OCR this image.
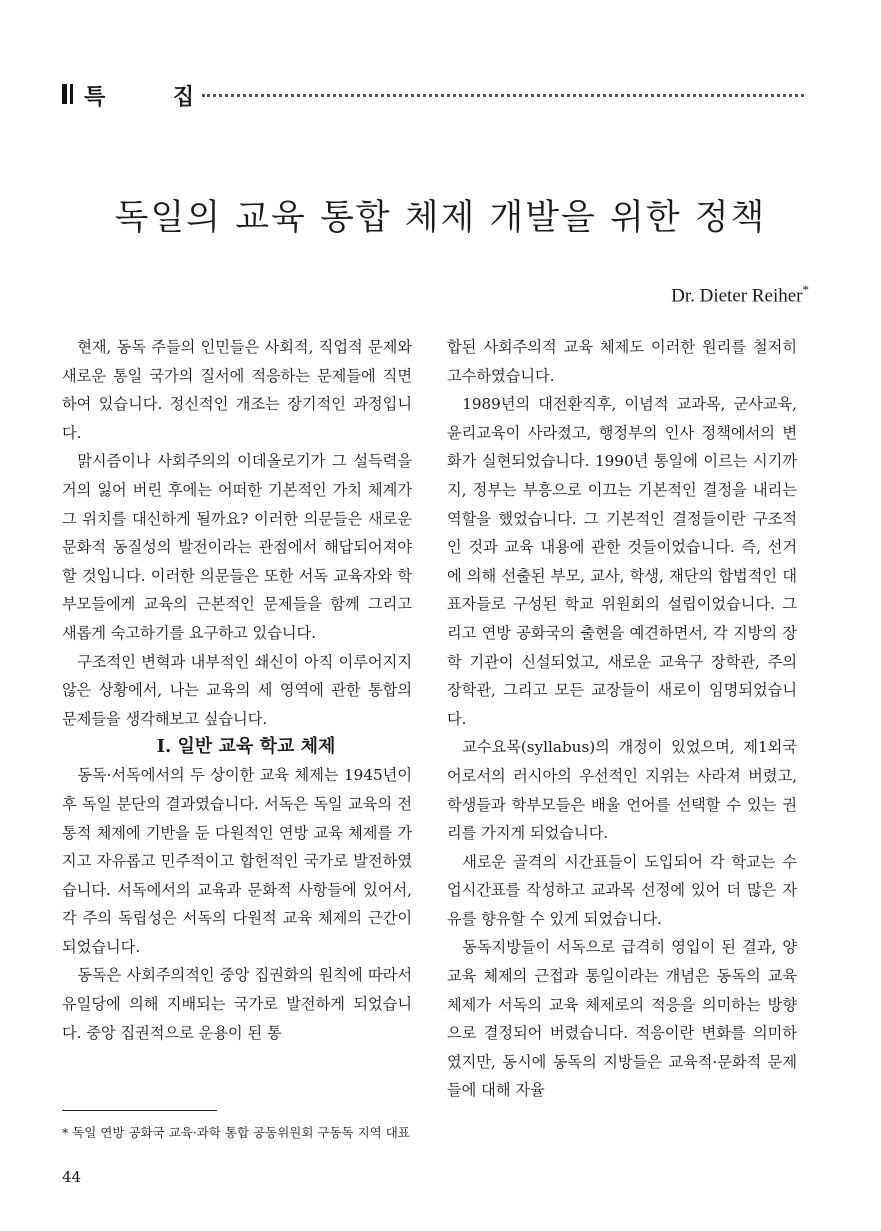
특 집
독일의 교육 통합 체제 개발을 위한 정책
Dr. Dieter Reiher*

현재, 동독 주들의 인민들은 사회적, 직업적 문제와 새로운 통일 국가의 질서에 적응하는 문제들에 직면하여 있습니다. 정신적인 개조는 장기적인 과정입니다.

맑시즘이나 사회주의의 이데올로기가 그 설득력을 거의 잃어 버린 후에는 어떠한 기본적인 가치 체계가 그 위치를 대신하게 될까요? 이러한 의문들은 새로운 문화적 동질성의 발전이라는 관점에서 해답되어져야 할 것입니다. 이러한 의문들은 또한 서독 교육자와 학부모들에게 교육의 근본적인 문제들을 함께 그리고 새롭게 숙고하기를 요구하고 있습니다.

구조적인 변혁과 내부적인 쇄신이 아직 이루어지지 않은 상황에서, 나는 교육의 세 영역에 관한 통합의 문제들을 생각해보고 싶습니다.

I. 일반 교육 학교 체제

동독·서독에서의 두 상이한 교육 체제는 1945년이후 독일 분단의 결과였습니다. 서독은 독일 교육의 전통적 체제에 기반을 둔 다원적인 연방 교육 체제를 가지고 자유롭고 민주적이고 합헌적인 국가로 발전하였습니다. 서독에서의 교육과 문화적 사항들에 있어서, 각 주의 독립성은 서독의 다원적 교육 체제의 근간이 되었습니다.

동독은 사회주의적인 중앙 집권화의 원칙에 따라서 유일당에 의해 지배되는 국가로 발전하게 되었습니다. 중앙 집권적으로 운용이 된 통

합된 사회주의적 교육 체제도 이러한 원리를 철저히 고수하였습니다.

1989년의 대전환직후, 이념적 교과목, 군사교육, 윤리교육이 사라졌고, 행정부의 인사 정책에서의 변화가 실현되었습니다. 1990년 통일에 이르는 시기까지, 정부는 부흥으로 이끄는 기본적인 결정을 내리는 역할을 했었습니다. 그 기본적인 결정들이란 구조적인 것과 교육 내용에 관한 것들이었습니다. 즉, 선거에 의해 선출된 부모, 교사, 학생, 재단의 합법적인 대표자들로 구성된 학교 위원회의 설립이었습니다. 그리고 연방 공화국의 출현을 예견하면서, 각 지방의 장학 기관이 신설되었고, 새로운 교육구 장학관, 주의 장학관, 그리고 모든 교장들이 새로이 임명되었습니다.

교수요목(syllabus)의 개정이 있었으며, 제1외국어로서의 러시아의 우선적인 지위는 사라져 버렸고, 학생들과 학부모들은 배울 언어를 선택할 수 있는 권리를 가지게 되었습니다.

새로운 골격의 시간표들이 도입되어 각 학교는 수업시간표를 작성하고 교과목 선정에 있어 더 많은 자유를 향유할 수 있게 되었습니다.

동독지방들이 서독으로 급격히 영입이 된 결과, 양교육 체제의 근접과 통일이라는 개념은 동독의 교육 체제가 서독의 교육 체제로의 적응을 의미하는 방향으로 결정되어 버렸습니다. 적응이란 변화를 의미하였지만, 동시에 동독의 지방들은 교육적·문화적 문제들에 대해 자율

* 독일 연방 공화국 교육·과학 통합 공동위원회 구동독 지역 대표
44
